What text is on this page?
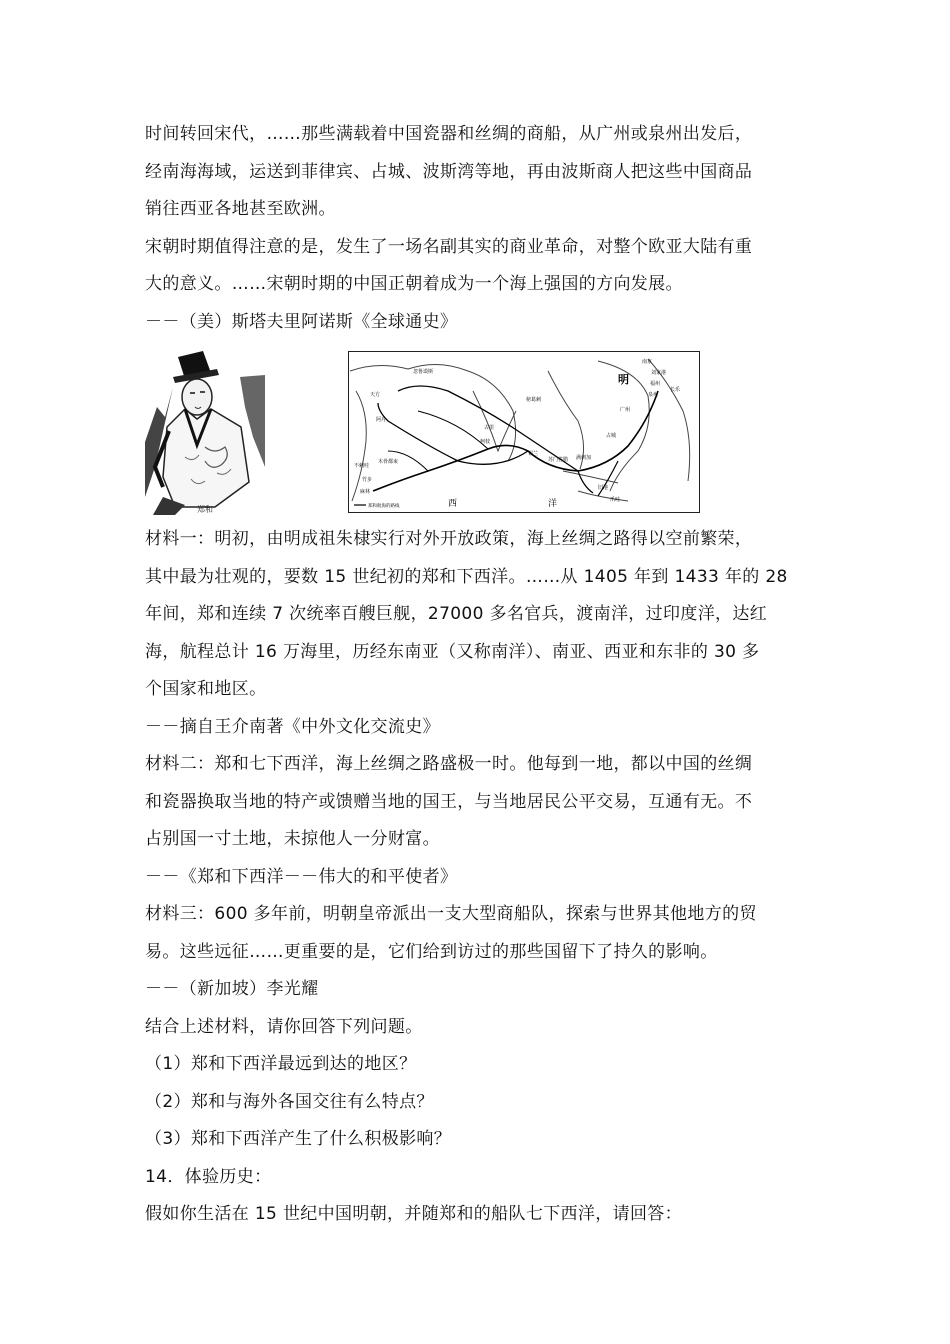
时间转回宋代，……那些满载着中国瓷器和丝绸的商船，从广州或泉州出发后，
经南海海域，运送到菲律宾、占城、波斯湾等地，再由波斯商人把这些中国商品
销往西亚各地甚至欧洲。
宋朝时期值得注意的是，发生了一场名副其实的商业革命，对整个欧亚大陆有重
大的意义。……宋朝时期的中国正朝着成为一个海上强国的方向发展。
－－（美）斯塔夫里阿诺斯《全球通史》
郑和
明
南京
刘家港
福州
长乐
泉州
广州
西	洋
天方
阿丹
忽鲁谟斯
木骨都束
不剌哇
竹步
麻林
古里
柯枝
锡兰
榜葛剌
苏门答腊 满剌加
旧港
占城
爪哇
郑和航海的路线
材料一：明初，由明成祖朱棣实行对外开放政策，海上丝绸之路得以空前繁荣，
其中最为壮观的，要数 15 世纪初的郑和下西洋。……从 1405 年到 1433 年的 28
年间，郑和连续 7 次统率百艘巨舰，27000 多名官兵，渡南洋，过印度洋，达红
海，航程总计 16 万海里，历经东南亚（又称南洋）、南亚、西亚和东非的 30 多
个国家和地区。
－－摘自王介南著《中外文化交流史》
材料二：郑和七下西洋，海上丝绸之路盛极一时。他每到一地，都以中国的丝绸
和瓷器换取当地的特产或馈赠当地的国王，与当地居民公平交易，互通有无。不
占别国一寸土地，未掠他人一分财富。
－－《郑和下西洋－－伟大的和平使者》
材料三：600 多年前，明朝皇帝派出一支大型商船队，探索与世界其他地方的贸
易。这些远征……更重要的是，它们给到访过的那些国留下了持久的影响。
－－（新加坡）李光耀
结合上述材料，请你回答下列问题。
（1）郑和下西洋最远到达的地区？
（2）郑和与海外各国交往有么特点？
（3）郑和下西洋产生了什么积极影响？
14．体验历史：
假如你生活在 15 世纪中国明朝，并随郑和的船队七下西洋，请回答：
